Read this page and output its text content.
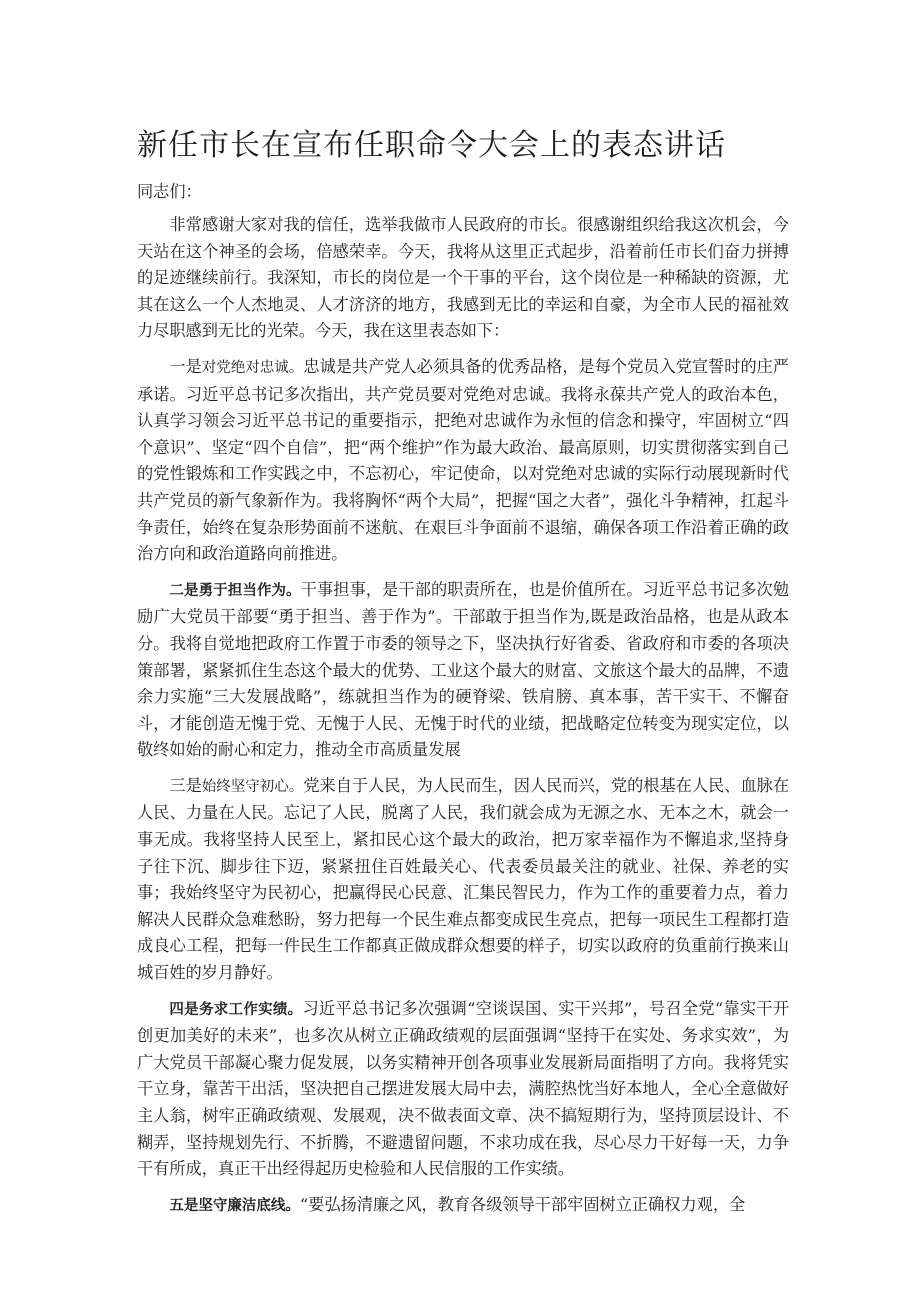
新任市长在宣布任职命令大会上的表态讲话
同志们：

非常感谢大家对我的信任，选举我做市人民政府的市长。很感谢组织给我这次机会，今天站在这个神圣的会场，倍感荣幸。今天，我将从这里正式起步，沿着前任市长们奋力拼搏的足迹继续前行。我深知，市长的岗位是一个干事的平台，这个岗位是一种稀缺的资源，尤其在这么一个人杰地灵、人才济济的地方，我感到无比的幸运和自豪，为全市人民的福祉效力尽职感到无比的光荣。今天，我在这里表态如下：

一是对党绝对忠诚。忠诚是共产党人必须具备的优秀品格，是每个党员入党宣誓时的庄严承诺。习近平总书记多次指出，共产党员要对党绝对忠诚。我将永葆共产党人的政治本色，认真学习领会习近平总书记的重要指示，把绝对忠诚作为永恒的信念和操守，牢固树立“四个意识”、坚定“四个自信”，把“两个维护”作为最大政治、最高原则，切实贯彻落实到自己的党性锻炼和工作实践之中，不忘初心，牢记使命，以对党绝对忠诚的实际行动展现新时代共产党员的新气象新作为。我将胸怀“两个大局”，把握“国之大者”，强化斗争精神，扛起斗争责任，始终在复杂形势面前不迷航、在艰巨斗争面前不退缩，确保各项工作沿着正确的政治方向和政治道路向前推进。

二是勇于担当作为。干事担事，是干部的职责所在，也是价值所在。习近平总书记多次勉励广大党员干部要“勇于担当、善于作为”。干部敢于担当作为,既是政治品格，也是从政本分。我将自觉地把政府工作置于市委的领导之下，坚决执行好省委、省政府和市委的各项决策部署，紧紧抓住生态这个最大的优势、工业这个最大的财富、文旅这个最大的品牌，不遗余力实施“三大发展战略”，练就担当作为的硬脊梁、铁肩膀、真本事，苦干实干、不懈奋斗，才能创造无愧于党、无愧于人民、无愧于时代的业绩，把战略定位转变为现实定位，以敬终如始的耐心和定力，推动全市高质量发展

三是始终坚守初心。党来自于人民，为人民而生，因人民而兴，党的根基在人民、血脉在人民、力量在人民。忘记了人民，脱离了人民，我们就会成为无源之水、无本之木，就会一事无成。我将坚持人民至上，紧扣民心这个最大的政治，把万家幸福作为不懈追求,坚持身子往下沉、脚步往下迈，紧紧扭住百姓最关心、代表委员最关注的就业、社保、养老的实事；我始终坚守为民初心，把赢得民心民意、汇集民智民力，作为工作的重要着力点，着力解决人民群众急难愁盼，努力把每一个民生难点都变成民生亮点，把每一项民生工程都打造成良心工程，把每一件民生工作都真正做成群众想要的样子，切实以政府的负重前行换来山城百姓的岁月静好。

四是务求工作实绩。习近平总书记多次强调“空谈误国、实干兴邦”，号召全党“靠实干开创更加美好的未来”，也多次从树立正确政绩观的层面强调“坚持干在实处、务求实效”，为广大党员干部凝心聚力促发展，以务实精神开创各项事业发展新局面指明了方向。我将凭实干立身，靠苦干出活，坚决把自己摆进发展大局中去，满腔热忱当好本地人，全心全意做好主人翁，树牢正确政绩观、发展观，决不做表面文章、决不搞短期行为，坚持顶层设计、不糊弄，坚持规划先行、不折腾，不避遗留问题，不求功成在我，尽心尽力干好每一天，力争干有所成，真正干出经得起历史检验和人民信服的工作实绩。

五是坚守廉洁底线。“要弘扬清廉之风，教育各级领导干部牢固树立正确权力观，全
